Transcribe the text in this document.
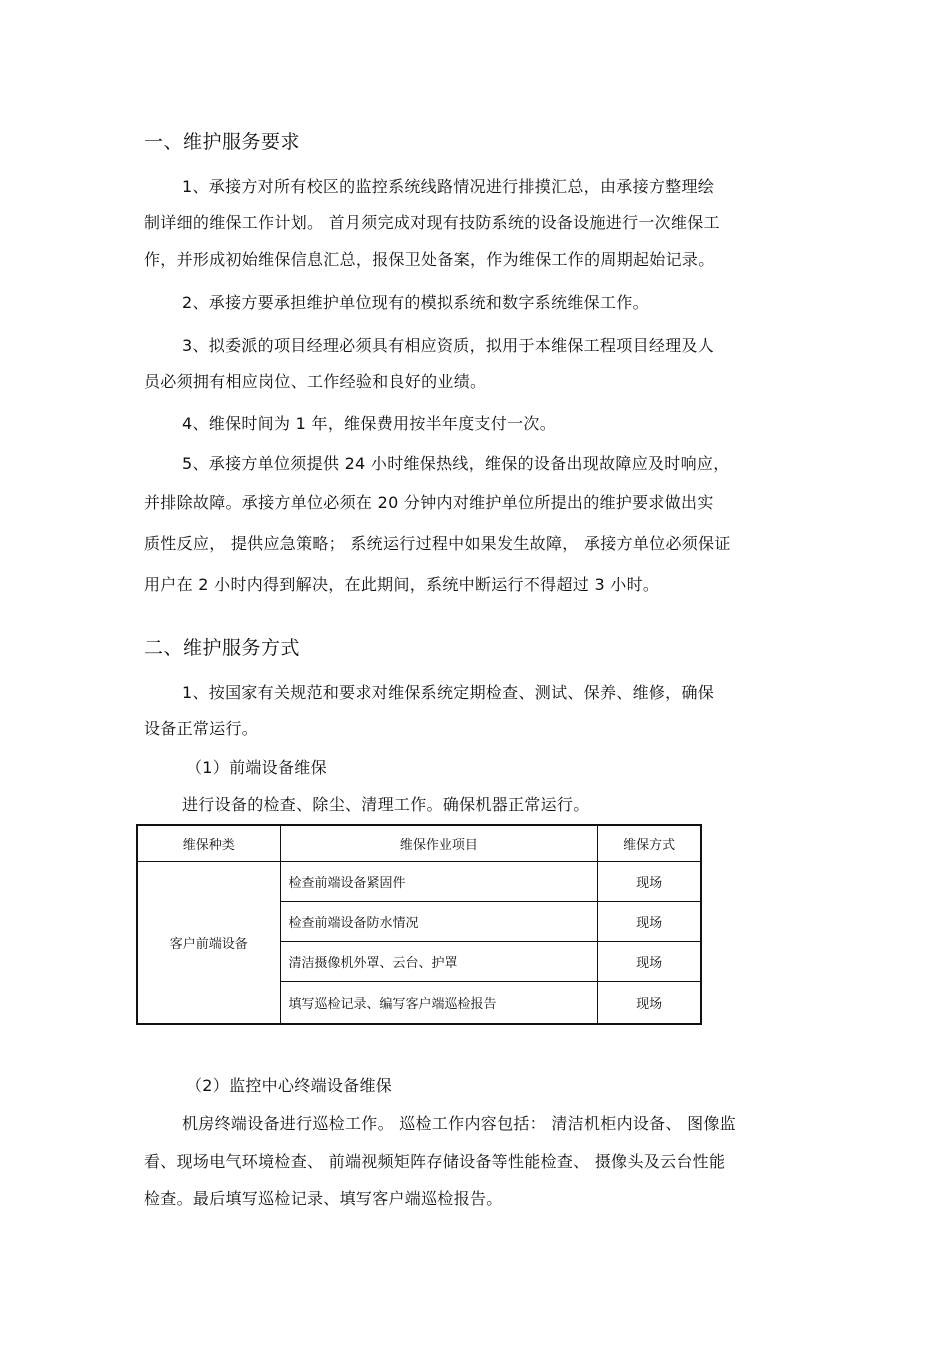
一、维护服务要求
1、承接方对所有校区的监控系统线路情况进行排摸汇总，由承接方整理绘
制详细的维保工作计划。 首月须完成对现有技防系统的设备设施进行一次维保工
作，并形成初始维保信息汇总，报保卫处备案，作为维保工作的周期起始记录。
2、承接方要承担维护单位现有的模拟系统和数字系统维保工作。
3、拟委派的项目经理必须具有相应资质，拟用于本维保工程项目经理及人
员必须拥有相应岗位、工作经验和良好的业绩。
4、维保时间为 1 年，维保费用按半年度支付一次。
5、承接方单位须提供 24 小时维保热线，维保的设备出现故障应及时响应，
并排除故障。承接方单位必须在 20 分钟内对维护单位所提出的维护要求做出实
质性反应， 提供应急策略； 系统运行过程中如果发生故障， 承接方单位必须保证
用户在 2 小时内得到解决，在此期间，系统中断运行不得超过 3 小时。
二、维护服务方式
1、按国家有关规范和要求对维保系统定期检查、测试、保养、维修，确保
设备正常运行。
（1）前端设备维保
进行设备的检查、除尘、清理工作。确保机器正常运行。
维保种类	维保作业项目	维保方式
客户前端设备	检查前端设备紧固件	现场
	检查前端设备防水情况	现场
	清洁摄像机外罩、云台、护罩	现场
	填写巡检记录、编写客户端巡检报告	现场
（2）监控中心终端设备维保
机房终端设备进行巡检工作。 巡检工作内容包括： 清洁机柜内设备、 图像监
看、现场电气环境检查、 前端视频矩阵存储设备等性能检查、 摄像头及云台性能
检查。最后填写巡检记录、填写客户端巡检报告。
